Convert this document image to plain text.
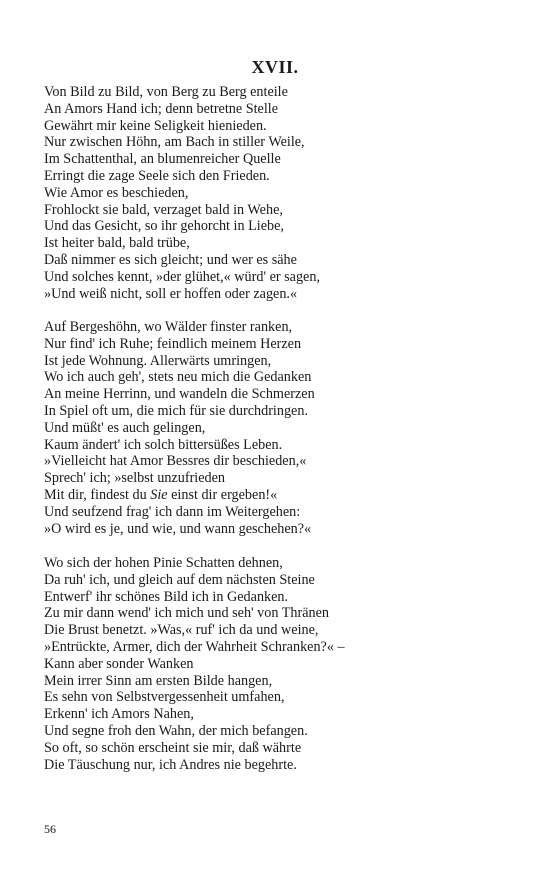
XVII.
Von Bild zu Bild, von Berg zu Berg enteile
An Amors Hand ich; denn betretne Stelle
Gewährt mir keine Seligkeit hienieden.
Nur zwischen Höhn, am Bach in stiller Weile,
Im Schattenthal, an blumenreicher Quelle
Erringt die zage Seele sich den Frieden.
Wie Amor es beschieden,
Frohlockt sie bald, verzaget bald in Wehe,
Und das Gesicht, so ihr gehorcht in Liebe,
Ist heiter bald, bald trübe,
Daß nimmer es sich gleicht; und wer es sähe
Und solches kennt, »der glühet,« würd' er sagen,
»Und weiß nicht, soll er hoffen oder zagen.«
Auf Bergeshöhn, wo Wälder finster ranken,
Nur find' ich Ruhe; feindlich meinem Herzen
Ist jede Wohnung. Allerwärts umringen,
Wo ich auch geh', stets neu mich die Gedanken
An meine Herrinn, und wandeln die Schmerzen
In Spiel oft um, die mich für sie durchdringen.
Und müßt' es auch gelingen,
Kaum ändert' ich solch bittersüßes Leben.
»Vielleicht hat Amor Bessres dir beschieden,«
Sprech' ich; »selbst unzufrieden
Mit dir, findest du Sie einst dir ergeben!«
Und seufzend frag' ich dann im Weitergehen:
»O wird es je, und wie, und wann geschehen?«
Wo sich der hohen Pinie Schatten dehnen,
Da ruh' ich, und gleich auf dem nächsten Steine
Entwerf' ihr schönes Bild ich in Gedanken.
Zu mir dann wend' ich mich und seh' von Thränen
Die Brust benetzt. »Was,« ruf' ich da und weine,
»Entrückte, Armer, dich der Wahrheit Schranken?« –
Kann aber sonder Wanken
Mein irrer Sinn am ersten Bilde hangen,
Es sehn von Selbstvergessenheit umfahen,
Erkenn' ich Amors Nahen,
Und segne froh den Wahn, der mich befangen.
So oft, so schön erscheint sie mir, daß währte
Die Täuschung nur, ich Andres nie begehrte.
56
